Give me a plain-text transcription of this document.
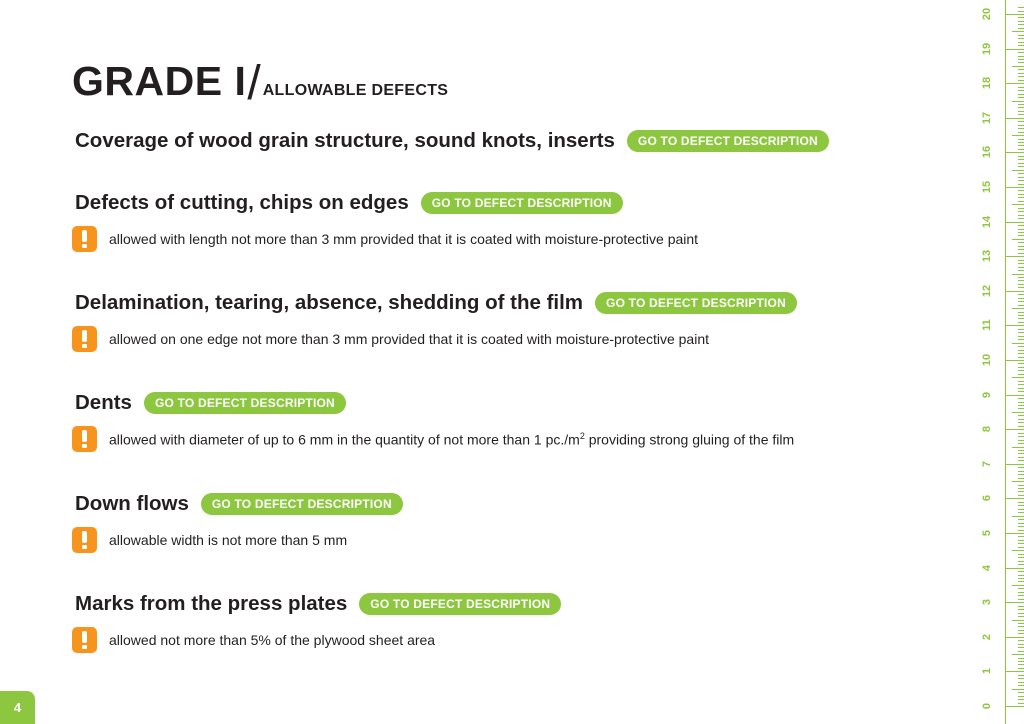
GRADE I/ ALLOWABLE DEFECTS
Coverage of wood grain structure, sound knots, inserts	GO TO DEFECT DESCRIPTION
Defects of cutting, chips on edges	GO TO DEFECT DESCRIPTION
allowed with length not more than 3 mm provided that it is coated with moisture-protective paint
Delamination, tearing, absence, shedding of the film	GO TO DEFECT DESCRIPTION
allowed on one edge not more than 3 mm provided that it is coated with moisture-protective paint
Dents	GO TO DEFECT DESCRIPTION
allowed with diameter of up to 6 mm in the quantity of not more than 1 $pc./m^2$ providing strong gluing of the film
Down flows	GO TO DEFECT DESCRIPTION
allowable width is not more than 5 mm
Marks from the press plates	GO TO DEFECT DESCRIPTION
allowed not more than 5% of the plywood sheet area
4	0
1
2
3
4
5
6
7
8
9
10
11
12
13
14
15
16
17
18
19
20
